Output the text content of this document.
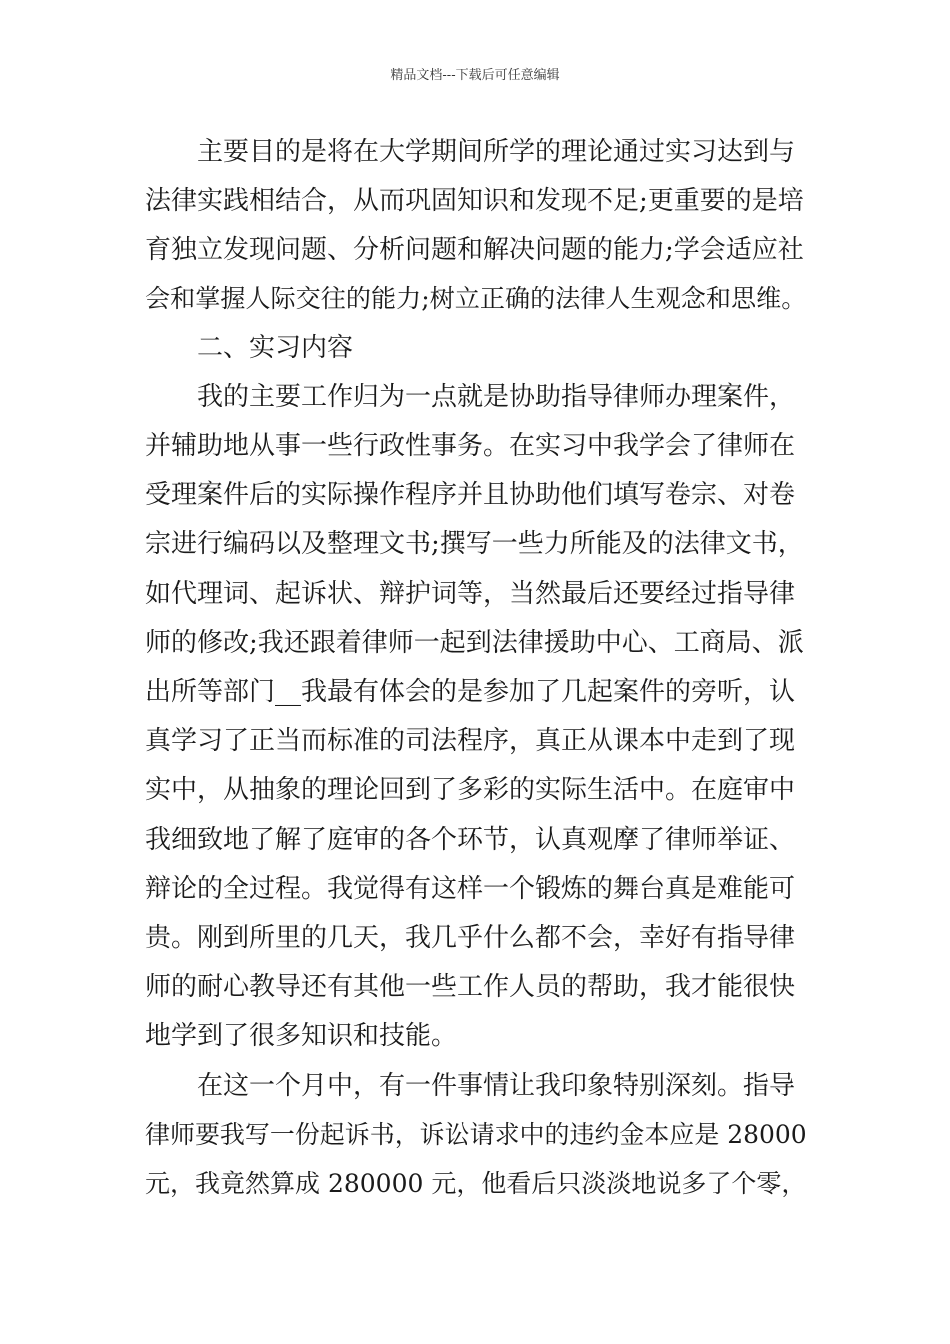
精品文档---下载后可任意编辑
　　主要目的是将在大学期间所学的理论通过实习达到与
法律实践相结合，从而巩固知识和发现不足;更重要的是培
育独立发现问题、分析问题和解决问题的能力;学会适应社
会和掌握人际交往的能力;树立正确的法律人生观念和思维。
　　二、实习内容
　　我的主要工作归为一点就是协助指导律师办理案件，
并辅助地从事一些行政性事务。在实习中我学会了律师在
受理案件后的实际操作程序并且协助他们填写卷宗、对卷
宗进行编码以及整理文书;撰写一些力所能及的法律文书，
如代理词、起诉状、辩护词等，当然最后还要经过指导律
师的修改;我还跟着律师一起到法律援助中心、工商局、派
出所等部门__我最有体会的是参加了几起案件的旁听，认
真学习了正当而标准的司法程序，真正从课本中走到了现
实中，从抽象的理论回到了多彩的实际生活中。在庭审中
我细致地了解了庭审的各个环节，认真观摩了律师举证、
辩论的全过程。我觉得有这样一个锻炼的舞台真是难能可
贵。刚到所里的几天，我几乎什么都不会，幸好有指导律
师的耐心教导还有其他一些工作人员的帮助，我才能很快
地学到了很多知识和技能。
　　在这一个月中，有一件事情让我印象特别深刻。指导
律师要我写一份起诉书，诉讼请求中的违约金本应是 28000
元，我竟然算成 280000 元，他看后只淡淡地说多了个零，
